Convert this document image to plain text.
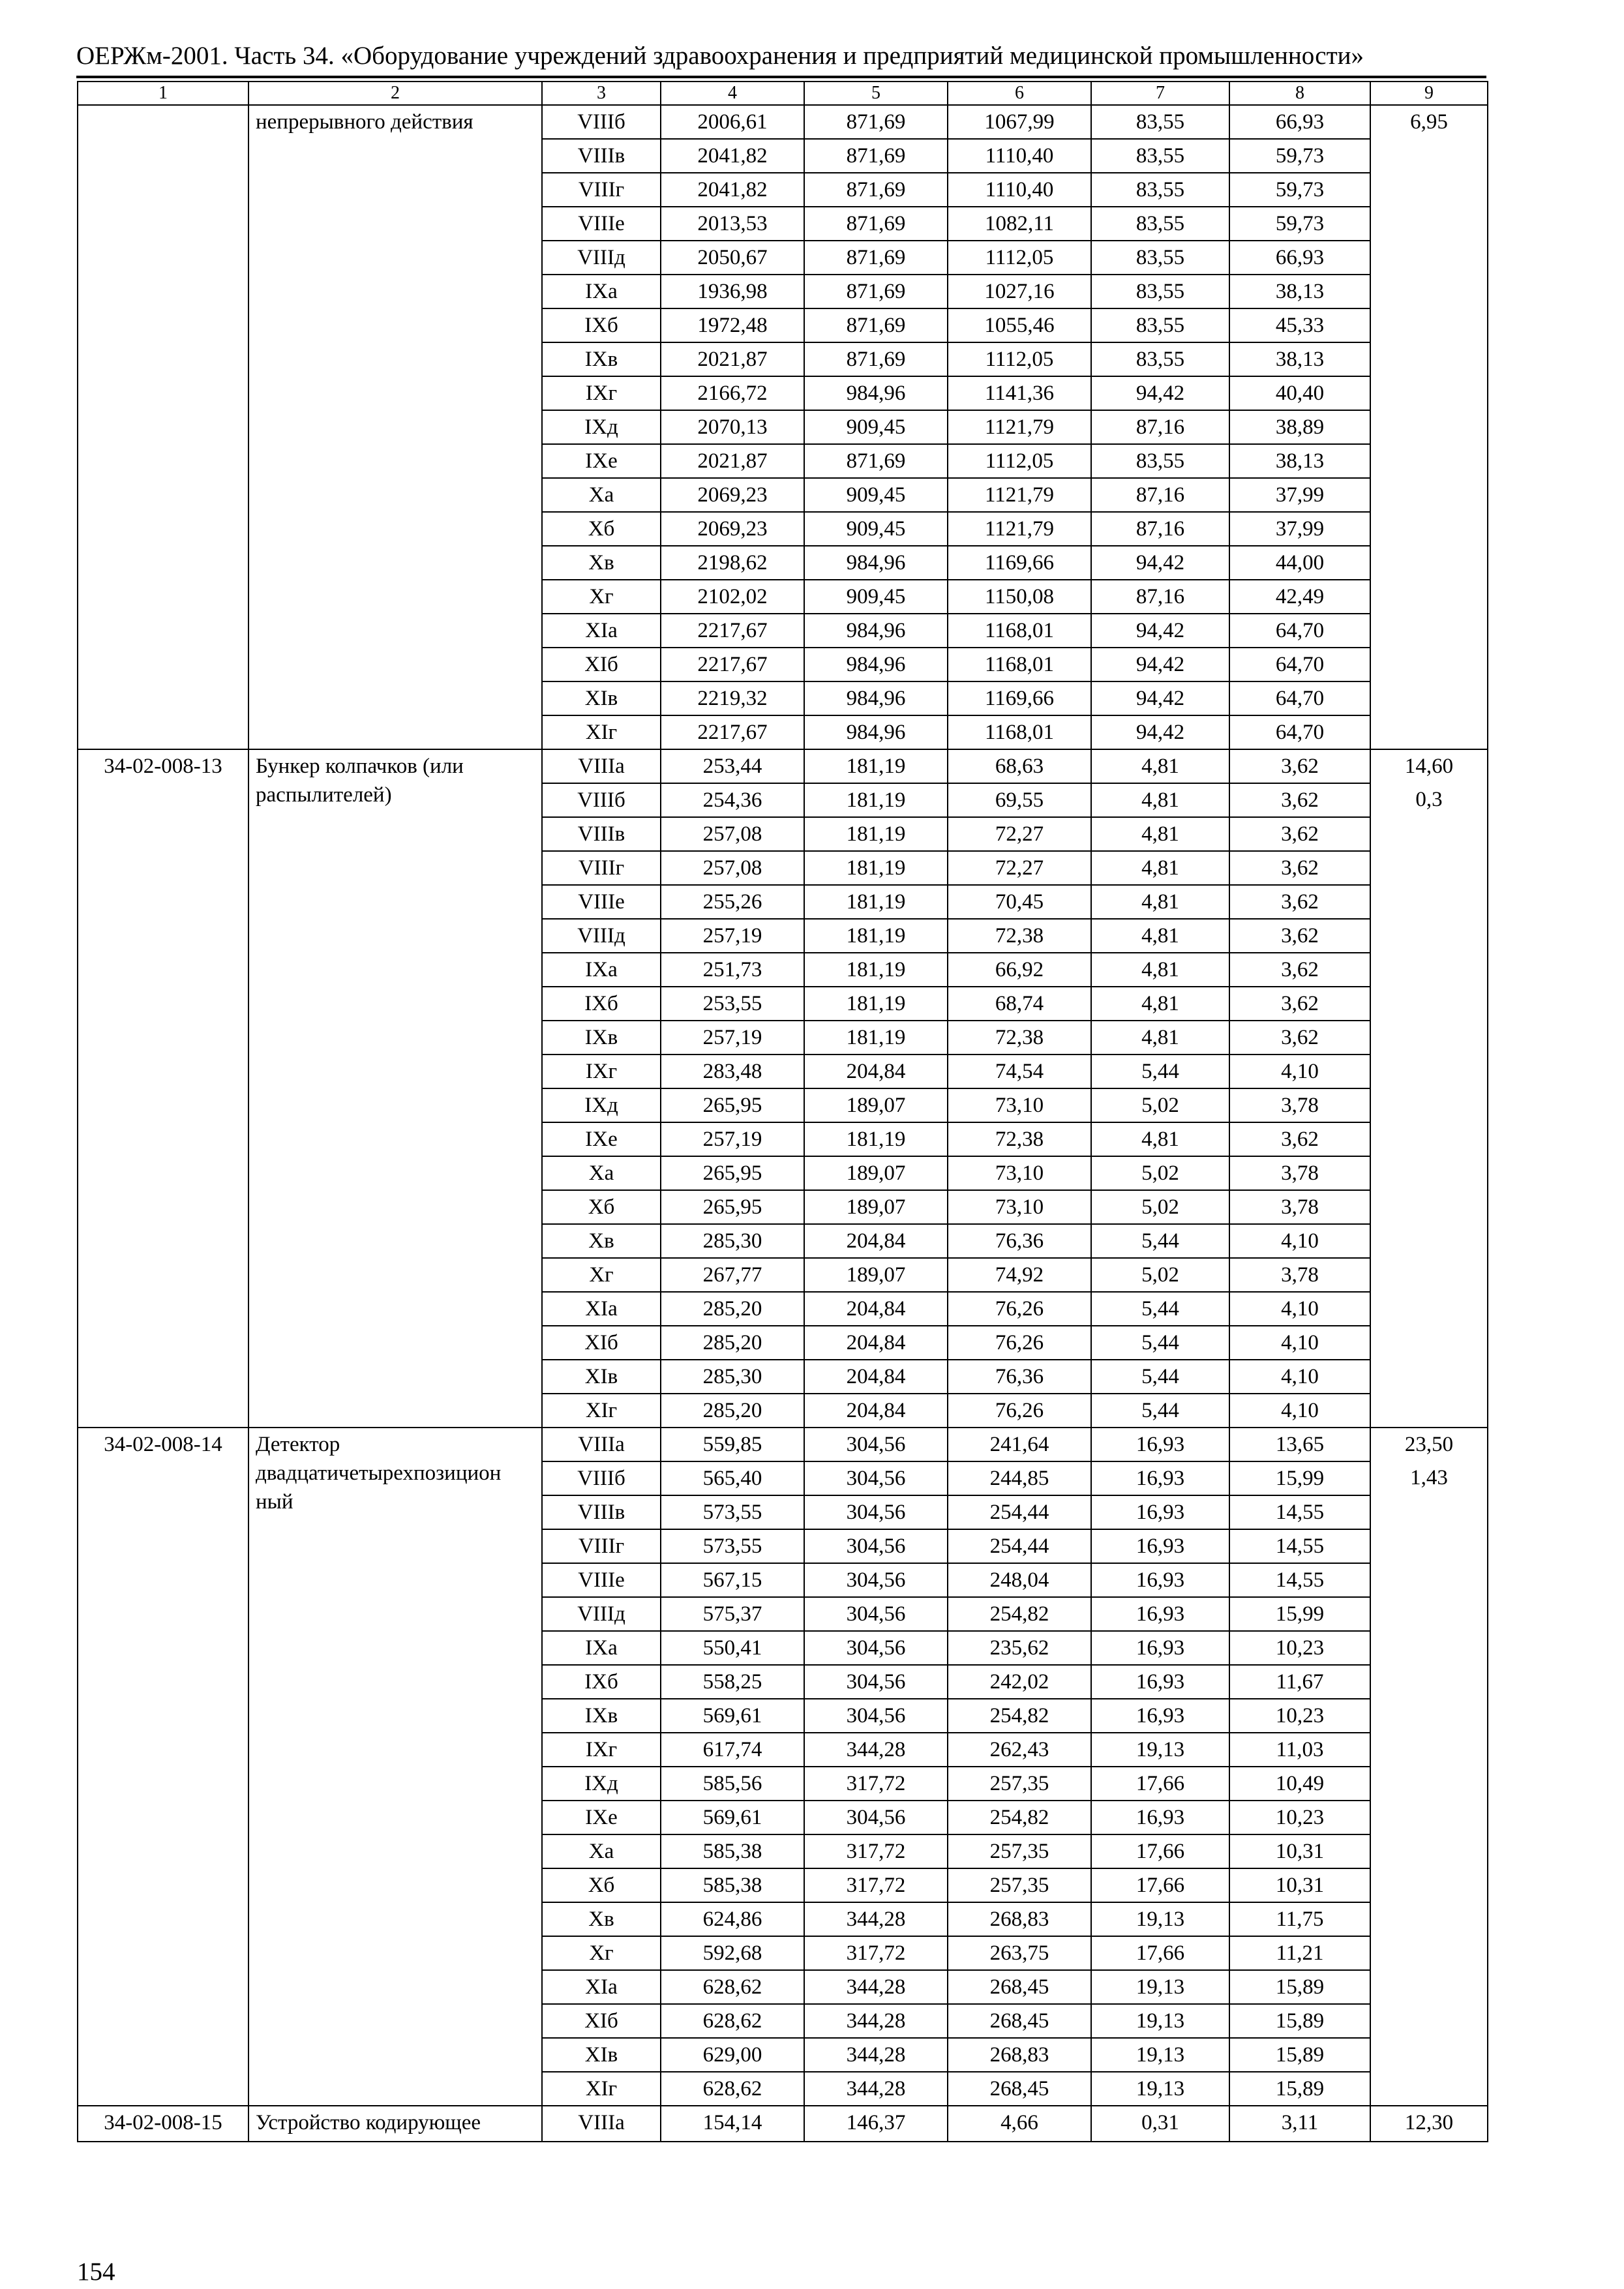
ОЕРЖм-2001. Часть 34. «Оборудование учреждений здравоохранения и предприятий медицинской промышленности»
1	2	3	4	5	6	7	8	9
	непрерывного действия	VIIIб	2006,61	871,69	1067,99	83,55	66,93	6,95
		VIIIв	2041,82	871,69	1110,40	83,55	59,73	
		VIIIг	2041,82	871,69	1110,40	83,55	59,73	
		VIIIe	2013,53	871,69	1082,11	83,55	59,73	
		VIIIд	2050,67	871,69	1112,05	83,55	66,93	
		IXa	1936,98	871,69	1027,16	83,55	38,13	
		IXб	1972,48	871,69	1055,46	83,55	45,33	
		IXв	2021,87	871,69	1112,05	83,55	38,13	
		IXг	2166,72	984,96	1141,36	94,42	40,40	
		IXд	2070,13	909,45	1121,79	87,16	38,89	
		IXe	2021,87	871,69	1112,05	83,55	38,13	
		Xa	2069,23	909,45	1121,79	87,16	37,99	
		Xб	2069,23	909,45	1121,79	87,16	37,99	
		Xв	2198,62	984,96	1169,66	94,42	44,00	
		Xг	2102,02	909,45	1150,08	87,16	42,49	
		XIa	2217,67	984,96	1168,01	94,42	64,70	
		XIб	2217,67	984,96	1168,01	94,42	64,70	
		XIв	2219,32	984,96	1169,66	94,42	64,70	
		XIг	2217,67	984,96	1168,01	94,42	64,70	
34-02-008-13	Бункер колпачков (или распылителей)	VIIIa	253,44	181,19	68,63	4,81	3,62	14,60
		VIIIб	254,36	181,19	69,55	4,81	3,62	0,3
		VIIIв	257,08	181,19	72,27	4,81	3,62	
		VIIIг	257,08	181,19	72,27	4,81	3,62	
		VIIIe	255,26	181,19	70,45	4,81	3,62	
		VIIIд	257,19	181,19	72,38	4,81	3,62	
		IXa	251,73	181,19	66,92	4,81	3,62	
		IXб	253,55	181,19	68,74	4,81	3,62	
		IXв	257,19	181,19	72,38	4,81	3,62	
		IXг	283,48	204,84	74,54	5,44	4,10	
		IXд	265,95	189,07	73,10	5,02	3,78	
		IXe	257,19	181,19	72,38	4,81	3,62	
		Xa	265,95	189,07	73,10	5,02	3,78	
		Xб	265,95	189,07	73,10	5,02	3,78	
		Xв	285,30	204,84	76,36	5,44	4,10	
		Xг	267,77	189,07	74,92	5,02	3,78	
		XIa	285,20	204,84	76,26	5,44	4,10	
		XIб	285,20	204,84	76,26	5,44	4,10	
		XIв	285,30	204,84	76,36	5,44	4,10	
		XIг	285,20	204,84	76,26	5,44	4,10	
34-02-008-14	Детектор двадцатичетырехпозицион ный	VIIIa	559,85	304,56	241,64	16,93	13,65	23,50
		VIIIб	565,40	304,56	244,85	16,93	15,99	1,43
		VIIIв	573,55	304,56	254,44	16,93	14,55	
		VIIIг	573,55	304,56	254,44	16,93	14,55	
		VIIIe	567,15	304,56	248,04	16,93	14,55	
		VIIIд	575,37	304,56	254,82	16,93	15,99	
		IXa	550,41	304,56	235,62	16,93	10,23	
		IXб	558,25	304,56	242,02	16,93	11,67	
		IXв	569,61	304,56	254,82	16,93	10,23	
		IXг	617,74	344,28	262,43	19,13	11,03	
		IXд	585,56	317,72	257,35	17,66	10,49	
		IXe	569,61	304,56	254,82	16,93	10,23	
		Xa	585,38	317,72	257,35	17,66	10,31	
		Xб	585,38	317,72	257,35	17,66	10,31	
		Xв	624,86	344,28	268,83	19,13	11,75	
		Xг	592,68	317,72	263,75	17,66	11,21	
		XIa	628,62	344,28	268,45	19,13	15,89	
		XIб	628,62	344,28	268,45	19,13	15,89	
		XIв	629,00	344,28	268,83	19,13	15,89	
		XIг	628,62	344,28	268,45	19,13	15,89	
34-02-008-15	Устройство кодирующее	VIIIa	154,14	146,37	4,66	0,31	3,11	12,30
154
